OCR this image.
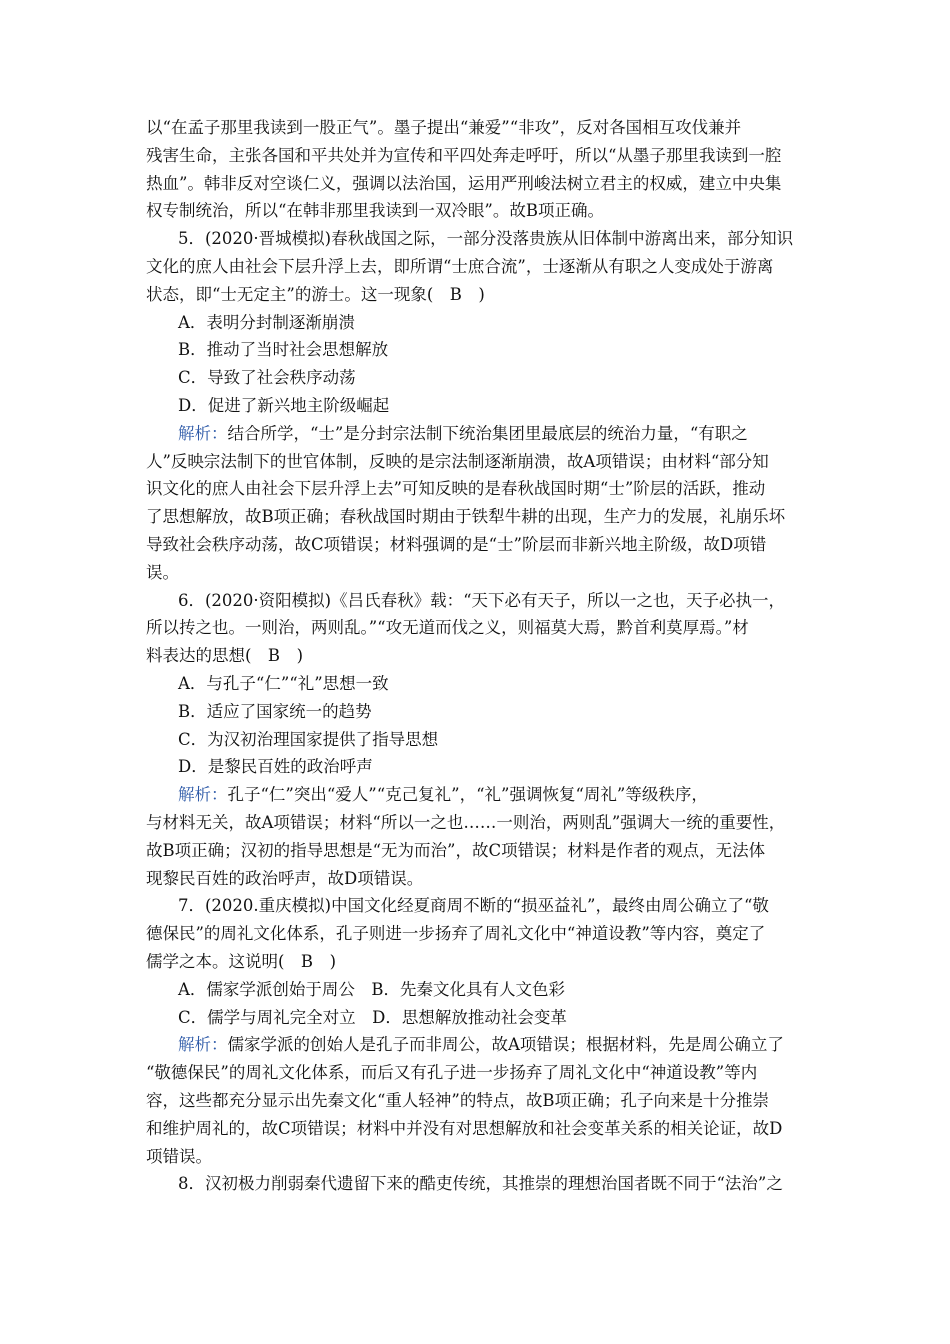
以“在孟子那里我读到一股正气”。墨子提出“兼爱”“非攻”，反对各国相互攻伐兼并
残害生命，主张各国和平共处并为宣传和平四处奔走呼吁，所以“从墨子那里我读到一腔
热血”。韩非反对空谈仁义，强调以法治国，运用严刑峻法树立君主的权威，建立中央集
权专制统治，所以“在韩非那里我读到一双冷眼”。故B项正确。
5．(2020·晋城模拟)春秋战国之际，一部分没落贵族从旧体制中游离出来，部分知识
文化的庶人由社会下层升浮上去，即所谓“士庶合流”，士逐渐从有职之人变成处于游离
状态，即“士无定主”的游士。这一现象(　B　)
A．表明分封制逐渐崩溃
B．推动了当时社会思想解放
C．导致了社会秩序动荡
D．促进了新兴地主阶级崛起
解析：结合所学，“士”是分封宗法制下统治集团里最底层的统治力量，“有职之
人”反映宗法制下的世官体制，反映的是宗法制逐渐崩溃，故A项错误；由材料“部分知
识文化的庶人由社会下层升浮上去”可知反映的是春秋战国时期“士”阶层的活跃，推动
了思想解放，故B项正确；春秋战国时期由于铁犁牛耕的出现，生产力的发展，礼崩乐坏
导致社会秩序动荡，故C项错误；材料强调的是“士”阶层而非新兴地主阶级，故D项错
误。
6．(2020·资阳模拟)《吕氏春秋》载：“天下必有天子，所以一之也，天子必执一，
所以抟之也。一则治，两则乱。”“攻无道而伐之义，则福莫大焉，黔首利莫厚焉。”材
料表达的思想(　B　)
A．与孔子“仁”“礼”思想一致
B．适应了国家统一的趋势
C．为汉初治理国家提供了指导思想
D．是黎民百姓的政治呼声
解析：孔子“仁”突出“爱人”“克己复礼”，“礼”强调恢复“周礼”等级秩序，
与材料无关，故A项错误；材料“所以一之也……一则治，两则乱”强调大一统的重要性，
故B项正确；汉初的指导思想是“无为而治”，故C项错误；材料是作者的观点，无法体
现黎民百姓的政治呼声，故D项错误。
7．(2020.重庆模拟)中国文化经夏商周不断的“损巫益礼”，最终由周公确立了“敬
德保民”的周礼文化体系，孔子则进一步扬弃了周礼文化中“神道设教”等内容，奠定了
儒学之本。这说明(　B　)
A．儒家学派创始于周公　B．先秦文化具有人文色彩
C．儒学与周礼完全对立　D．思想解放推动社会变革
解析：儒家学派的创始人是孔子而非周公，故A项错误；根据材料，先是周公确立了
“敬德保民”的周礼文化体系，而后又有孔子进一步扬弃了周礼文化中“神道设教”等内
容，这些都充分显示出先秦文化“重人轻神”的特点，故B项正确；孔子向来是十分推崇
和维护周礼的，故C项错误；材料中并没有对思想解放和社会变革关系的相关论证，故D
项错误。
8．汉初极力削弱秦代遗留下来的酷吏传统，其推崇的理想治国者既不同于“法治”之
